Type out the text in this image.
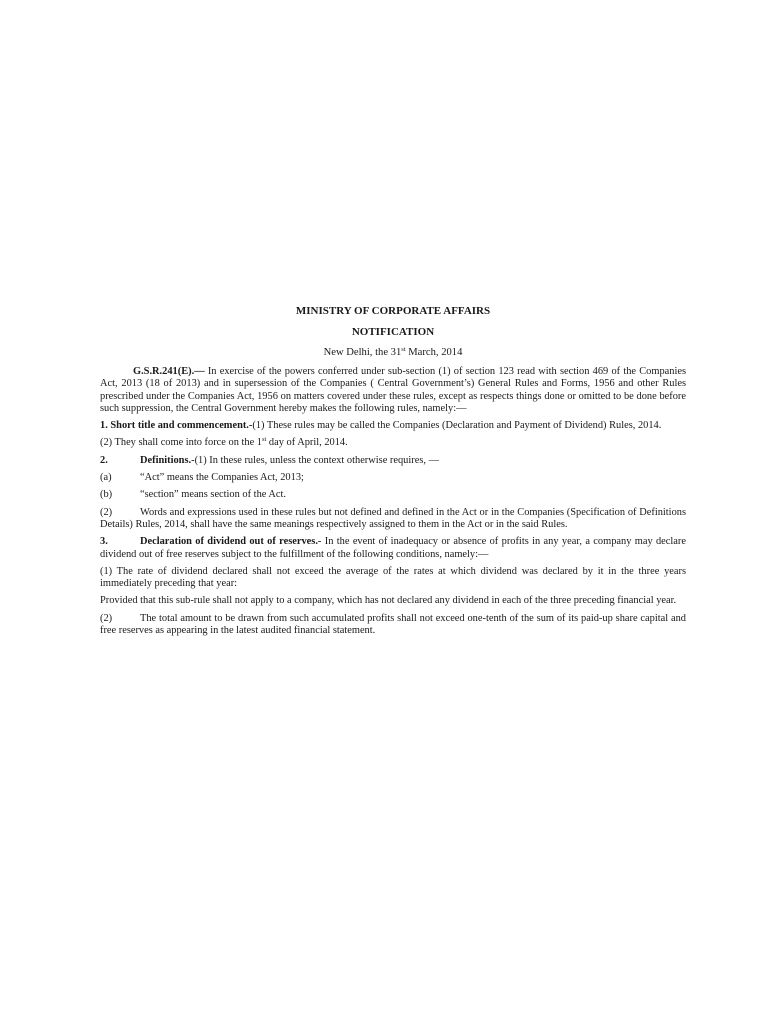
MINISTRY OF CORPORATE AFFAIRS

NOTIFICATION

New Delhi, the 31st March, 2014

G.S.R.241(E).— In exercise of the powers conferred under sub-section (1) of section 123 read with section 469 of the Companies Act, 2013 (18 of 2013) and in supersession of the Companies ( Central Government’s) General Rules and Forms, 1956 and other Rules prescribed under the Companies Act, 1956 on matters covered under these rules, except as respects things done or omitted to be done before such suppression, the Central Government hereby makes the following rules, namely:—

1. Short title and commencement.-(1) These rules may be called the Companies (Declaration and Payment of Dividend) Rules, 2014.

(2) They shall come into force on the 1st day of April, 2014.

2.	Definitions.-(1) In these rules, unless the context otherwise requires, —

(a)	“Act” means the Companies Act, 2013;

(b)	“section” means section of the Act.

(2)	Words and expressions used in these rules but not defined and defined in the Act or in the Companies (Specification of Definitions Details) Rules, 2014, shall have the same meanings respectively assigned to them in the Act or in the said Rules.

3.	Declaration of dividend out of reserves.- In the event of inadequacy or absence of profits in any year, a company may declare dividend out of free reserves subject to the fulfillment of the following conditions, namely:—

(1) The rate of dividend declared shall not exceed the average of the rates at which dividend was declared by it in the three years immediately preceding that year:

Provided that this sub-rule shall not apply to a company, which has not declared any dividend in each of the three preceding financial year.

(2)	The total amount to be drawn from such accumulated profits shall not exceed one-tenth of the sum of its paid-up share capital and free reserves as appearing in the latest audited financial statement.
